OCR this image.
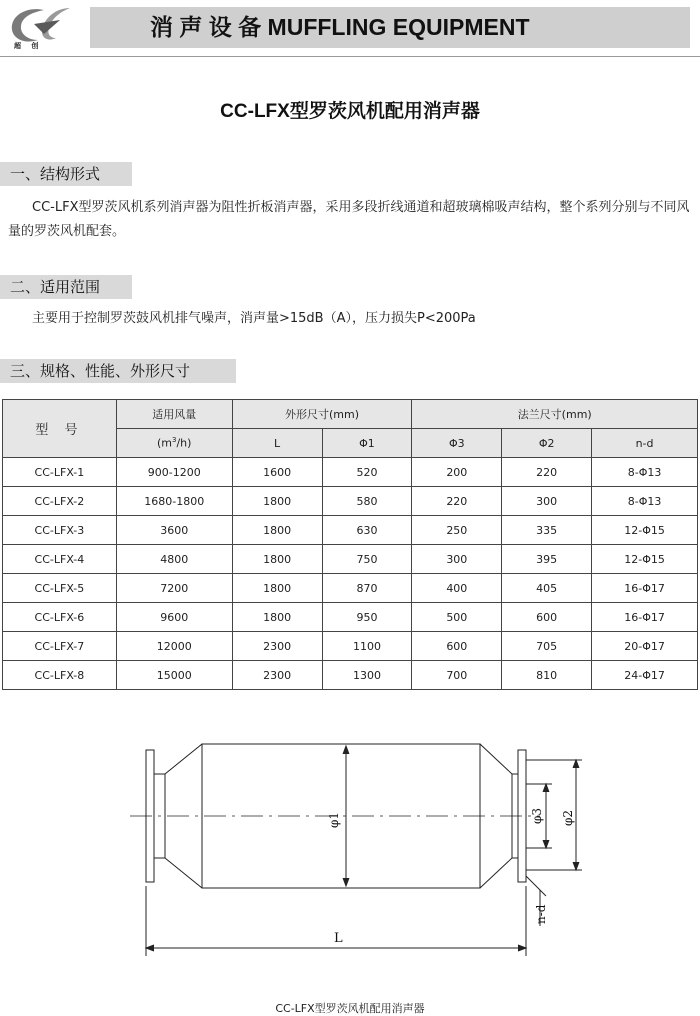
超 创
消 声 设 备 MUFFLING EQUIPMENT
CC-LFX型罗茨风机配用消声器
一、结构形式
CC-LFX型罗茨风机系列消声器为阻性折板消声器，采用多段折线通道和超玻璃棉吸声结构，整个系列分别与不同风量的罗茨风机配套。
二、适用范围
主要用于控制罗茨鼓风机排气噪声，消声量>15dB（A），压力损失P<200Pa
三、规格、性能、外形尺寸
型 号	适用风量	外形尺寸(mm)		法兰尺寸(mm)		
	$(m^3/h)$	L	Φ1	Φ3	Φ2	n-d
CC-LFX-1	900-1200	1600	520	200	220	8-Φ13
CC-LFX-2	1680-1800	1800	580	220	300	8-Φ13
CC-LFX-3	3600	1800	630	250	335	12-Φ15
CC-LFX-4	4800	1800	750	300	395	12-Φ15
CC-LFX-5	7200	1800	870	400	405	16-Φ17
CC-LFX-6	9600	1800	950	500	600	16-Φ17
CC-LFX-7	12000	2300	1100	600	705	20-Φ17
CC-LFX-8	15000	2300	1300	700	810	24-Φ17
φ1	φ3 φ2
n-d
L
CC-LFX型罗茨风机配用消声器
